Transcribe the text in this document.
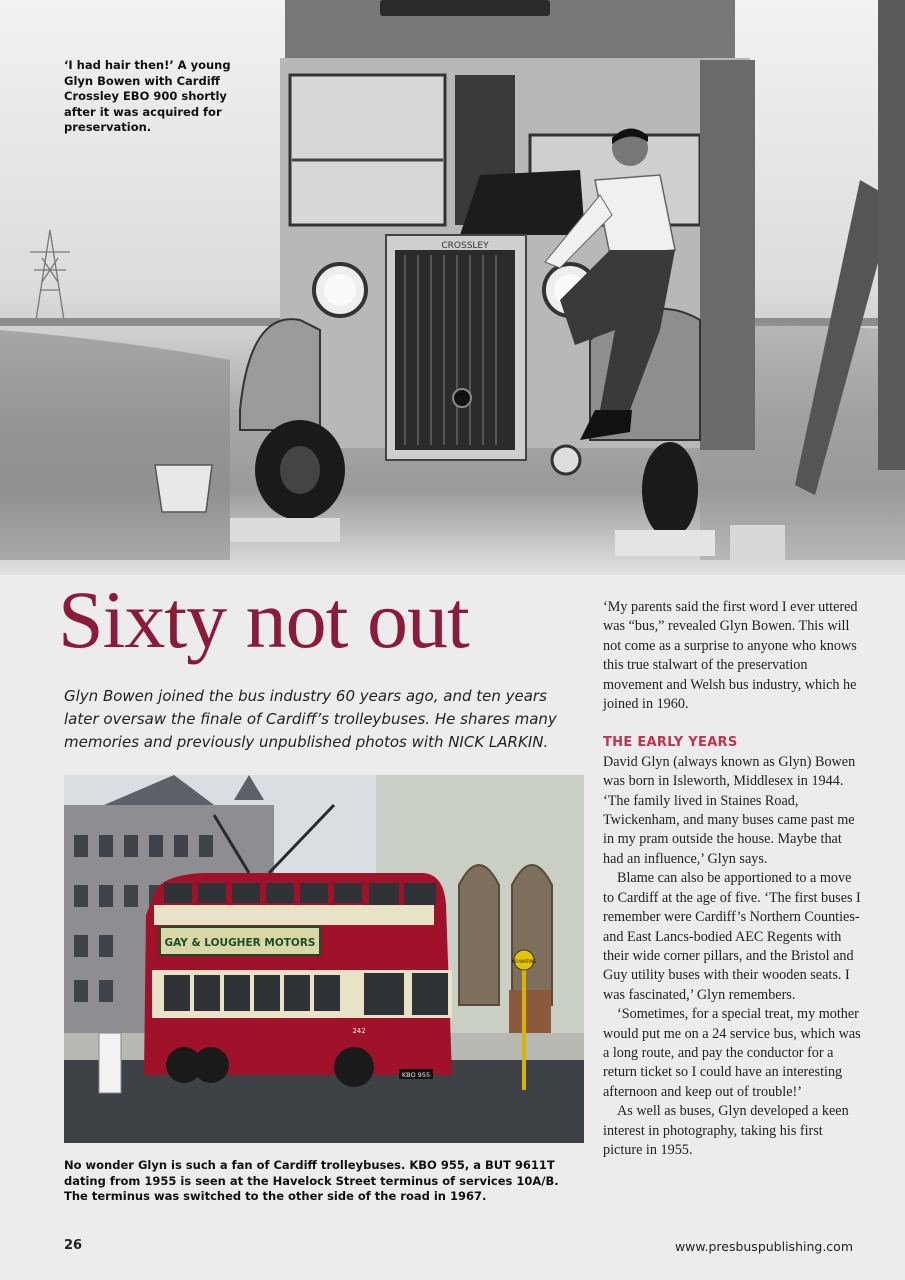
CROSSLEY
‘I had hair then!’ A young Glyn Bowen with Cardiff Crossley EBO 900 shortly after it was acquired for preservation.
Sixty not out
Glyn Bowen joined the bus industry 60 years ago, and ten years later oversaw the finale of Cardiff’s trolleybuses. He shares many memories and previously unpublished photos with NICK LARKIN.
GAY & LOUGHER MOTORS
242
KBO 955
NO WAITING
No wonder Glyn is such a fan of Cardiff trolleybuses. KBO 955, a BUT 9611T dating from 1955 is seen at the Havelock Street terminus of services 10A/B. The terminus was switched to the other side of the road in 1967.

‘My parents said the first word I ever uttered was “bus,” revealed Glyn Bowen. This will not come as a surprise to anyone who knows this true stalwart of the preservation movement and Welsh bus industry, which he joined in 1960.

THE EARLY YEARS

David Glyn (always known as Glyn) Bowen was born in Isleworth, Middlesex in 1944. ‘The family lived in Staines Road, Twickenham, and many buses came past me in my pram outside the house. Maybe that had an influence,’ Glyn says.

Blame can also be apportioned to a move to Cardiff at the age of five. ‘The first buses I remember were Cardiff’s Northern Counties- and East Lancs-bodied AEC Regents with their wide corner pillars, and the Bristol and Guy utility buses with their wooden seats. I was fascinated,’ Glyn remembers.

‘Sometimes, for a special treat, my mother would put me on a 24 service bus, which was a long route, and pay the conductor for a return ticket so I could have an interesting afternoon and keep out of trouble!’

As well as buses, Glyn developed a keen interest in photography, taking his first picture in 1955.

26	www.presbuspublishing.com
